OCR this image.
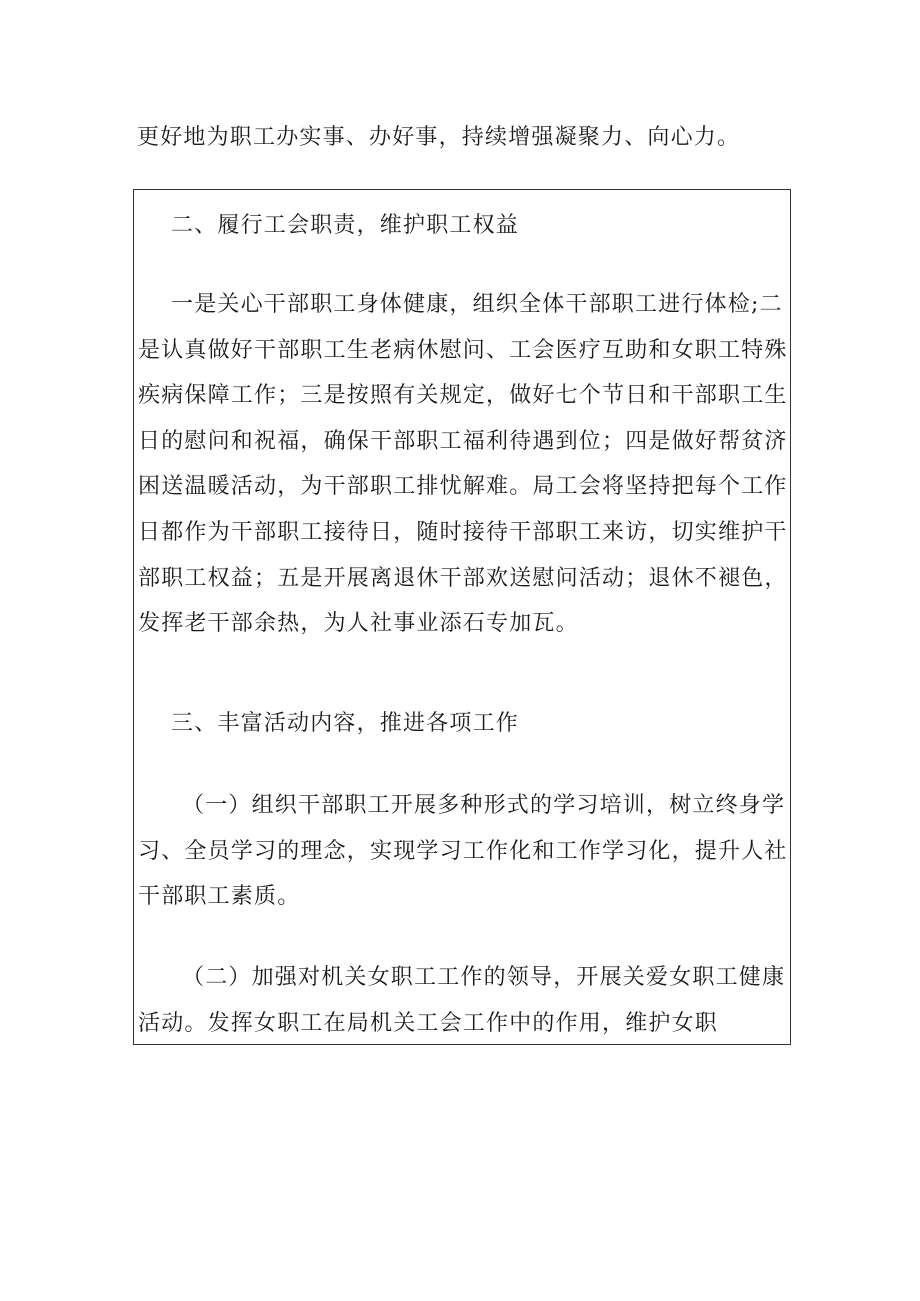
更好地为职工办实事、办好事，持续增强凝聚力、向心力。

二、履行工会职责，维护职工权益

一是关心干部职工身体健康，组织全体干部职工进行体检;二是认真做好干部职工生老病休慰问、工会医疗互助和女职工特殊疾病保障工作；三是按照有关规定，做好七个节日和干部职工生日的慰问和祝福，确保干部职工福利待遇到位；四是做好帮贫济困送温暖活动，为干部职工排忧解难。局工会将坚持把每个工作日都作为干部职工接待日，随时接待干部职工来访，切实维护干部职工权益；五是开展离退休干部欢送慰问活动；退休不褪色，发挥老干部余热，为人社事业添石专加瓦。

三、丰富活动内容，推进各项工作

（一）组织干部职工开展多种形式的学习培训，树立终身学习、全员学习的理念，实现学习工作化和工作学习化，提升人社干部职工素质。

（二）加强对机关女职工工作的领导，开展关爱女职工健康活动。发挥女职工在局机关工会工作中的作用，维护女职
